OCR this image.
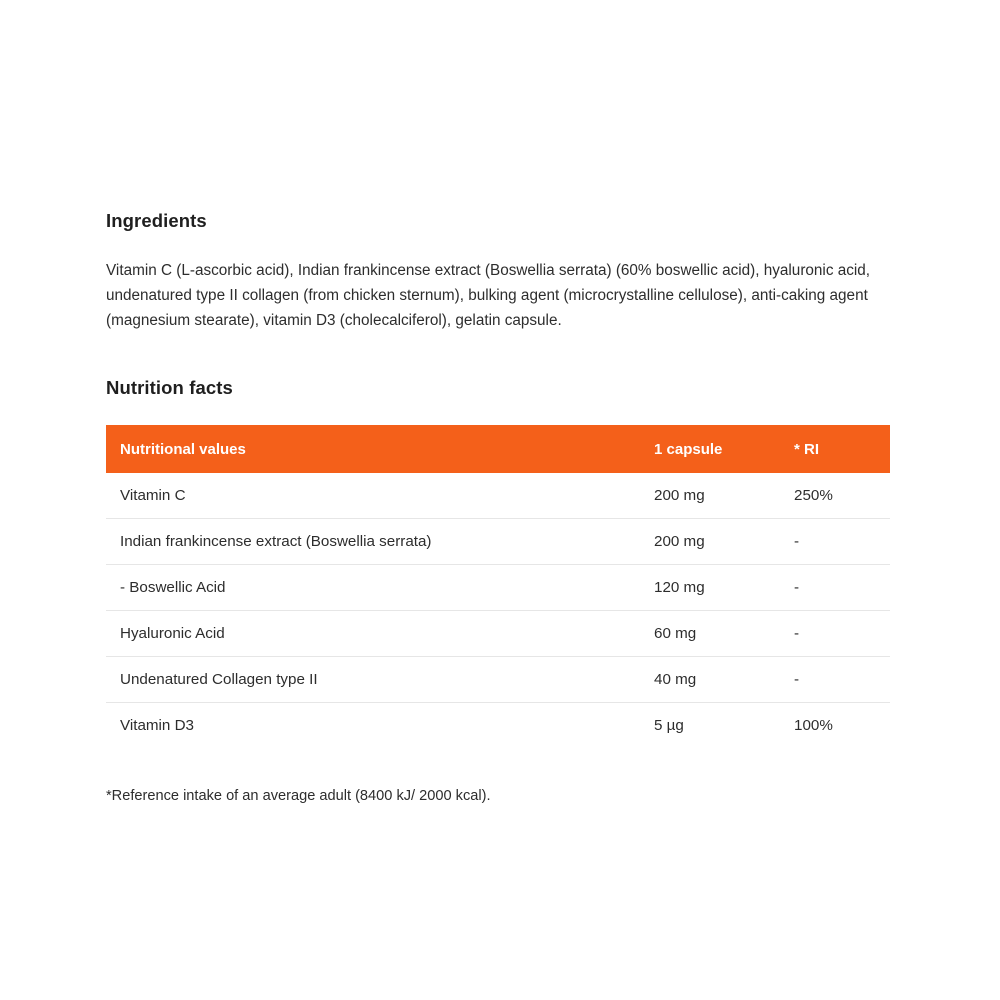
Ingredients

Vitamin C (L-ascorbic acid), Indian frankincense extract (Boswellia serrata) (60% boswellic acid), hyaluronic acid, undenatured type II collagen (from chicken sternum), bulking agent (microcrystalline cellulose), anti-caking agent (magnesium stearate), vitamin D3 (cholecalciferol), gelatin capsule.

Nutrition facts
Nutritional values	1 capsule	* RI
Vitamin C	200 mg	250%
Indian frankincense extract (Boswellia serrata)	200 mg	-
- Boswellic Acid	120 mg	-
Hyaluronic Acid	60 mg	-
Undenatured Collagen type II	40 mg	-
Vitamin D3	5 µg	100%

*Reference intake of an average adult (8400 kJ/ 2000 kcal).
